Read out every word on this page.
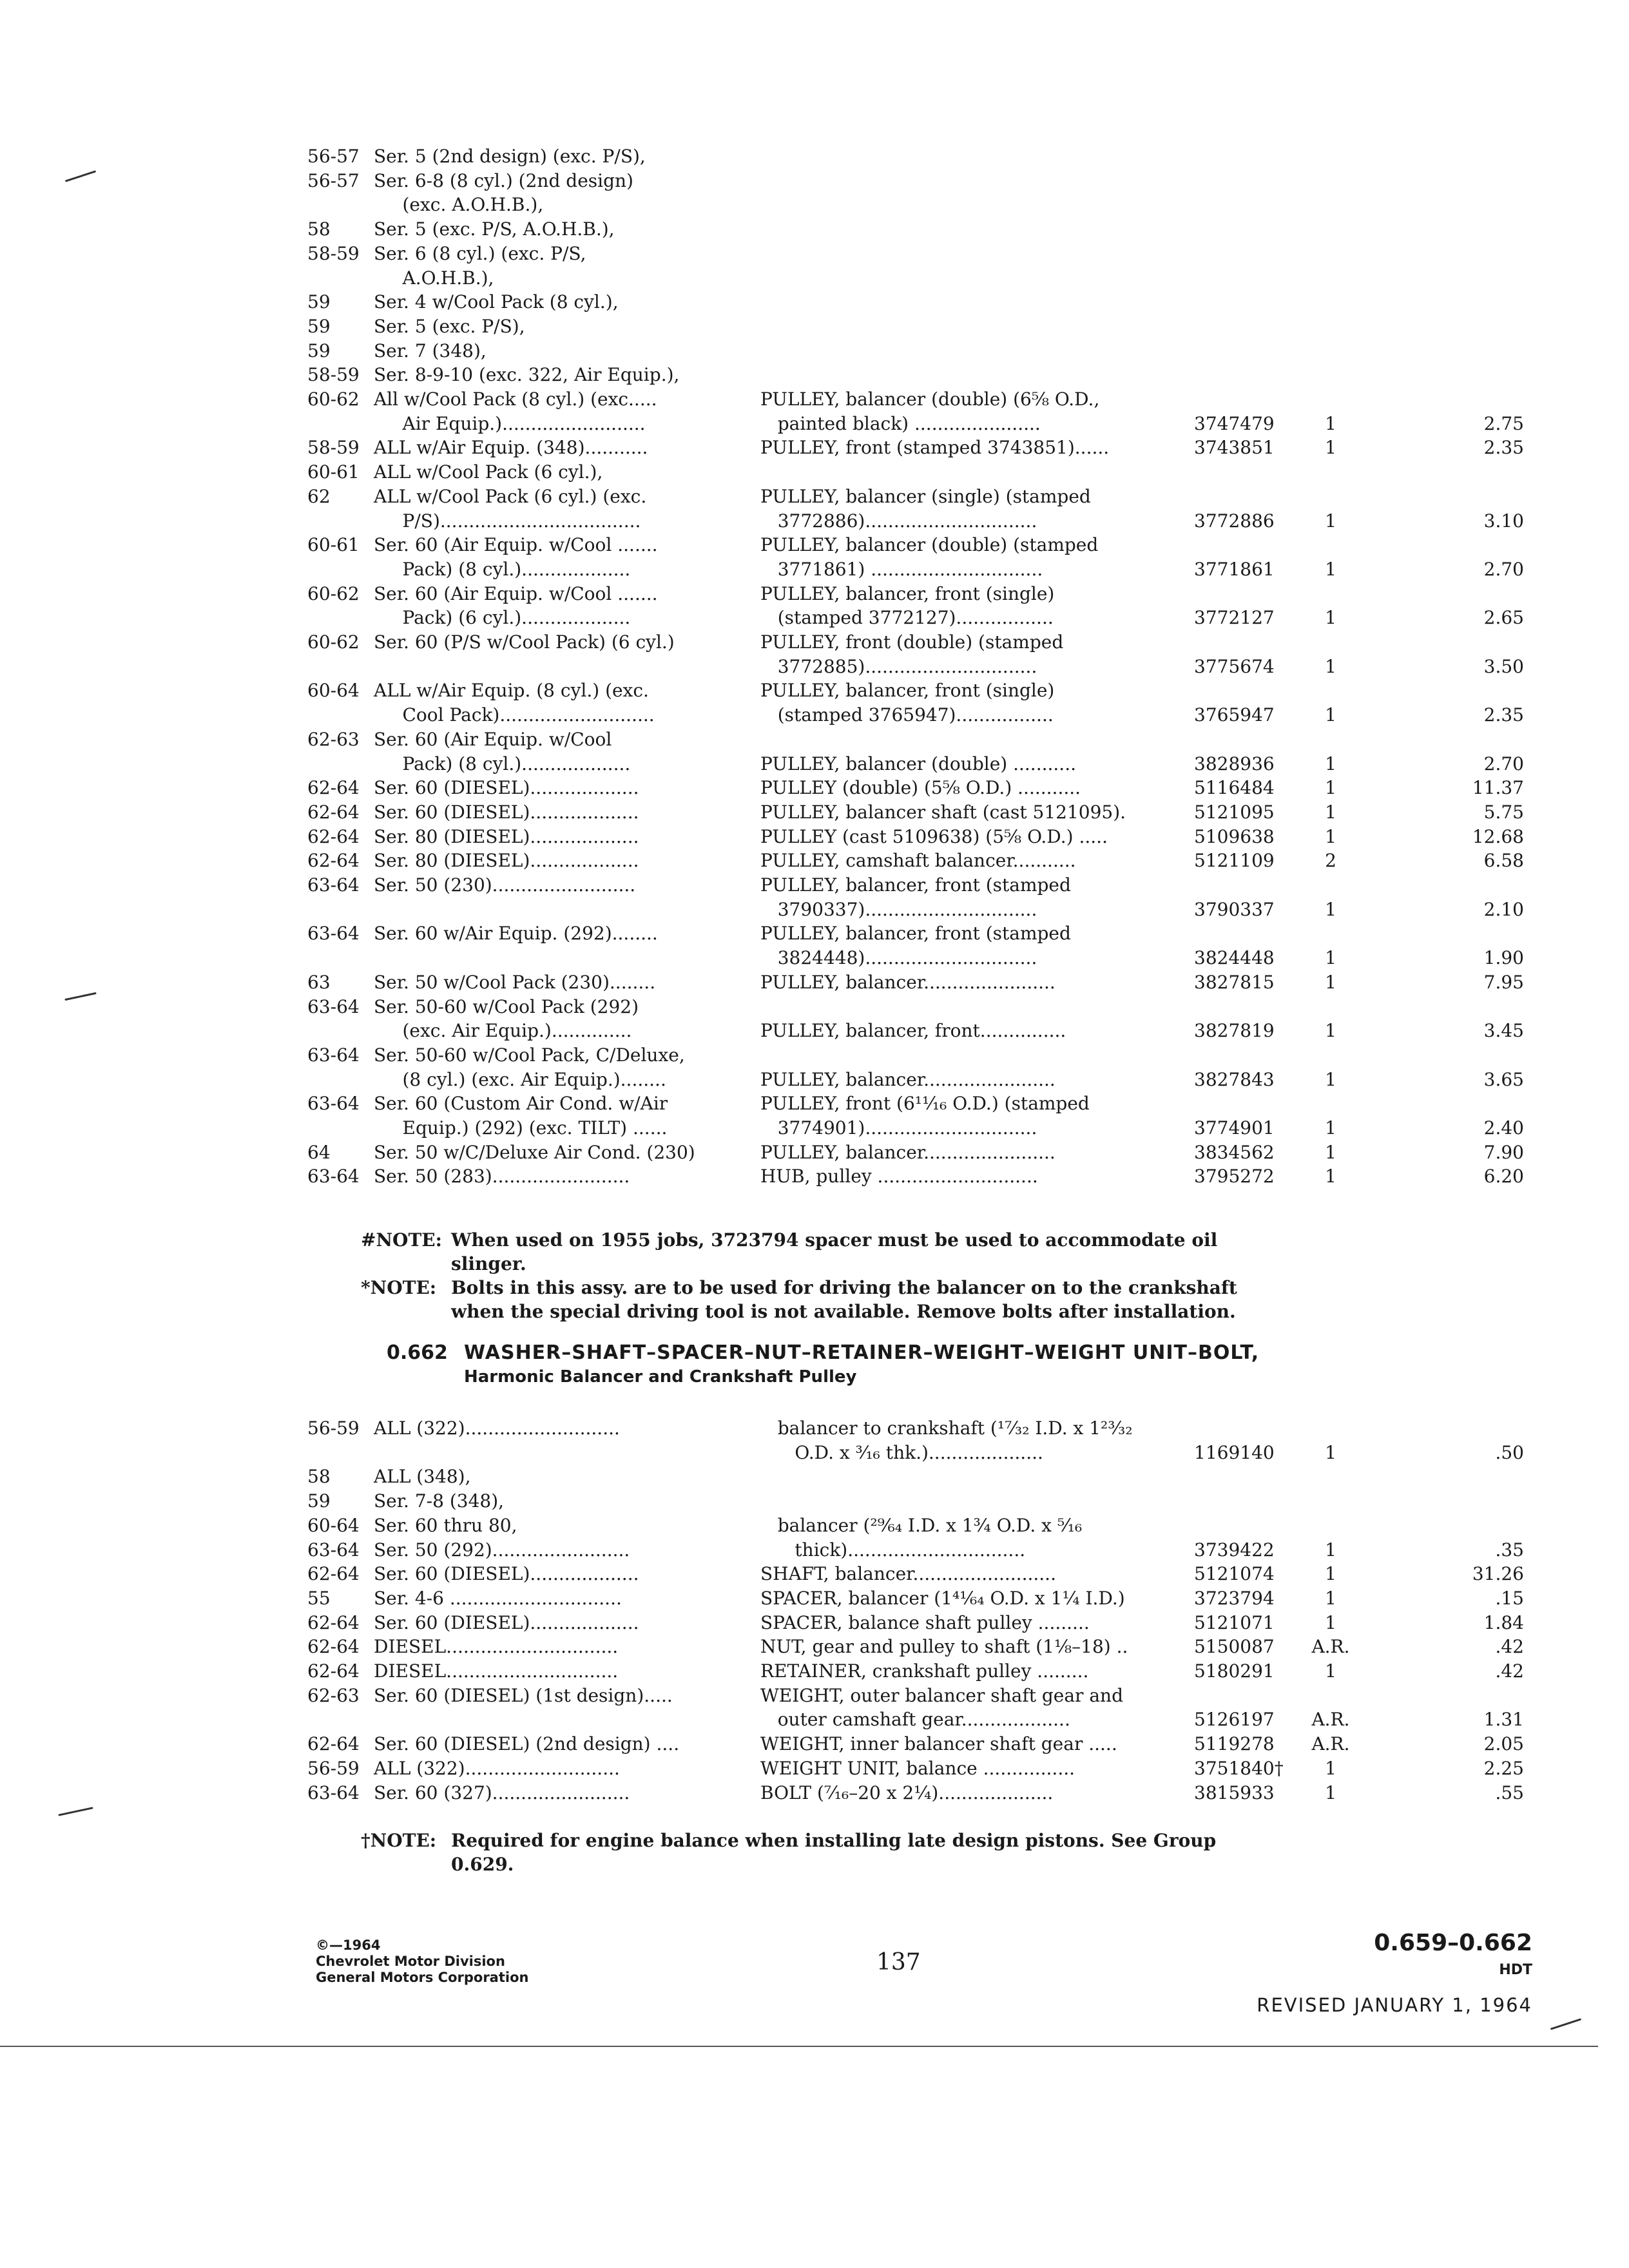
56-57 Ser. 5 (2nd design) (exc. P/S),
56-57 Ser. 6-8 (8 cyl.) (2nd design)
(exc. A.O.H.B.),
58 Ser. 5 (exc. P/S, A.O.H.B.),
58-59 Ser. 6 (8 cyl.) (exc. P/S,
A.O.H.B.),
59 Ser. 4 w/Cool Pack (8 cyl.),
59 Ser. 5 (exc. P/S),
59 Ser. 7 (348),
58-59 Ser. 8-9-10 (exc. 322, Air Equip.),
60-62 All w/Cool Pack (8 cyl.) (exc.....	PULLEY, balancer (double) (6⅝ O.D.,
Air Equip.).........................	painted black) ......................	3747479	1	2.75
58-59 ALL w/Air Equip. (348)...........	PULLEY, front (stamped 3743851)......	3743851	1	2.35
60-61 ALL w/Cool Pack (6 cyl.),
62 ALL w/Cool Pack (6 cyl.) (exc.	PULLEY, balancer (single) (stamped
P/S)...................................	3772886)..............................	3772886	1	3.10
60-61 Ser. 60 (Air Equip. w/Cool .......	PULLEY, balancer (double) (stamped
Pack) (8 cyl.)...................	3771861) ..............................	3771861	1	2.70
60-62 Ser. 60 (Air Equip. w/Cool .......	PULLEY, balancer, front (single)
Pack) (6 cyl.)...................	(stamped 3772127).................	3772127	1	2.65
60-62 Ser. 60 (P/S w/Cool Pack) (6 cyl.)	PULLEY, front (double) (stamped
3772885)..............................	3775674	1	3.50
60-64 ALL w/Air Equip. (8 cyl.) (exc.	PULLEY, balancer, front (single)
Cool Pack)...........................	(stamped 3765947).................	3765947	1	2.35
62-63 Ser. 60 (Air Equip. w/Cool
Pack) (8 cyl.)...................	PULLEY, balancer (double) ...........	3828936	1	2.70
62-64 Ser. 60 (DIESEL)...................	PULLEY (double) (5⅝ O.D.) ...........	5116484	1	11.37
62-64 Ser. 60 (DIESEL)...................	PULLEY, balancer shaft (cast 5121095).	5121095	1	5.75
62-64 Ser. 80 (DIESEL)...................	PULLEY (cast 5109638) (5⅝ O.D.) .....	5109638	1	12.68
62-64 Ser. 80 (DIESEL)...................	PULLEY, camshaft balancer...........	5121109	2	6.58
63-64 Ser. 50 (230).........................	PULLEY, balancer, front (stamped
3790337)..............................	3790337	1	2.10
63-64 Ser. 60 w/Air Equip. (292)........	PULLEY, balancer, front (stamped
3824448)..............................	3824448	1	1.90
63 Ser. 50 w/Cool Pack (230)........	PULLEY, balancer.......................	3827815	1	7.95
63-64 Ser. 50-60 w/Cool Pack (292)
(exc. Air Equip.)..............	PULLEY, balancer, front...............	3827819	1	3.45
63-64 Ser. 50-60 w/Cool Pack, C/Deluxe,
(8 cyl.) (exc. Air Equip.)........	PULLEY, balancer.......................	3827843	1	3.65
63-64 Ser. 60 (Custom Air Cond. w/Air	PULLEY, front (6¹¹⁄₁₆ O.D.) (stamped
Equip.) (292) (exc. TILT) ......	3774901)..............................	3774901	1	2.40
64 Ser. 50 w/C/Deluxe Air Cond. (230)	PULLEY, balancer.......................	3834562	1	7.90
63-64 Ser. 50 (283)........................	HUB, pulley ............................	3795272	1	6.20
#NOTE: When used on 1955 jobs, 3723794 spacer must be used to accommodate oil
slinger.
*NOTE: Bolts in this assy. are to be used for driving the balancer on to the crankshaft
when the special driving tool is not available. Remove bolts after installation.
0.662 WASHER–SHAFT–SPACER–NUT–RETAINER–WEIGHT–WEIGHT UNIT–BOLT,
Harmonic Balancer and Crankshaft Pulley
56-59 ALL (322)...........................	balancer to crankshaft (¹⁷⁄₃₂ I.D. x 1²³⁄₃₂
O.D. x ³⁄₁₆ thk.)....................	1169140	1	.50
58 ALL (348),
59 Ser. 7-8 (348),
60-64 Ser. 60 thru 80,	balancer (²⁹⁄₆₄ I.D. x 1¾ O.D. x ⁵⁄₁₆
63-64 Ser. 50 (292)........................	thick)...............................	3739422	1	.35
62-64 Ser. 60 (DIESEL)...................	SHAFT, balancer.........................	5121074	1	31.26
55 Ser. 4-6 ..............................	SPACER, balancer (1⁴¹⁄₆₄ O.D. x 1¼ I.D.)	3723794	1	.15
62-64 Ser. 60 (DIESEL)...................	SPACER, balance shaft pulley .........	5121071	1	1.84
62-64 DIESEL..............................	NUT, gear and pulley to shaft (1⅛–18) ..	5150087	A.R.	.42
62-64 DIESEL..............................	RETAINER, crankshaft pulley .........	5180291	1	.42
62-63 Ser. 60 (DIESEL) (1st design).....	WEIGHT, outer balancer shaft gear and
outer camshaft gear...................	5126197	A.R.	1.31
62-64 Ser. 60 (DIESEL) (2nd design) ....	WEIGHT, inner balancer shaft gear .....	5119278	A.R.	2.05
56-59 ALL (322)...........................	WEIGHT UNIT, balance ................	3751840†	1	2.25
63-64 Ser. 60 (327)........................	BOLT (⁷⁄₁₆–20 x 2¼)....................	3815933	1	.55
†NOTE: Required for engine balance when installing late design pistons. See Group
0.629.
©—1964
Chevrolet Motor Division
General Motors Corporation
137
0.659–0.662
HDT
REVISED JANUARY 1, 1964
